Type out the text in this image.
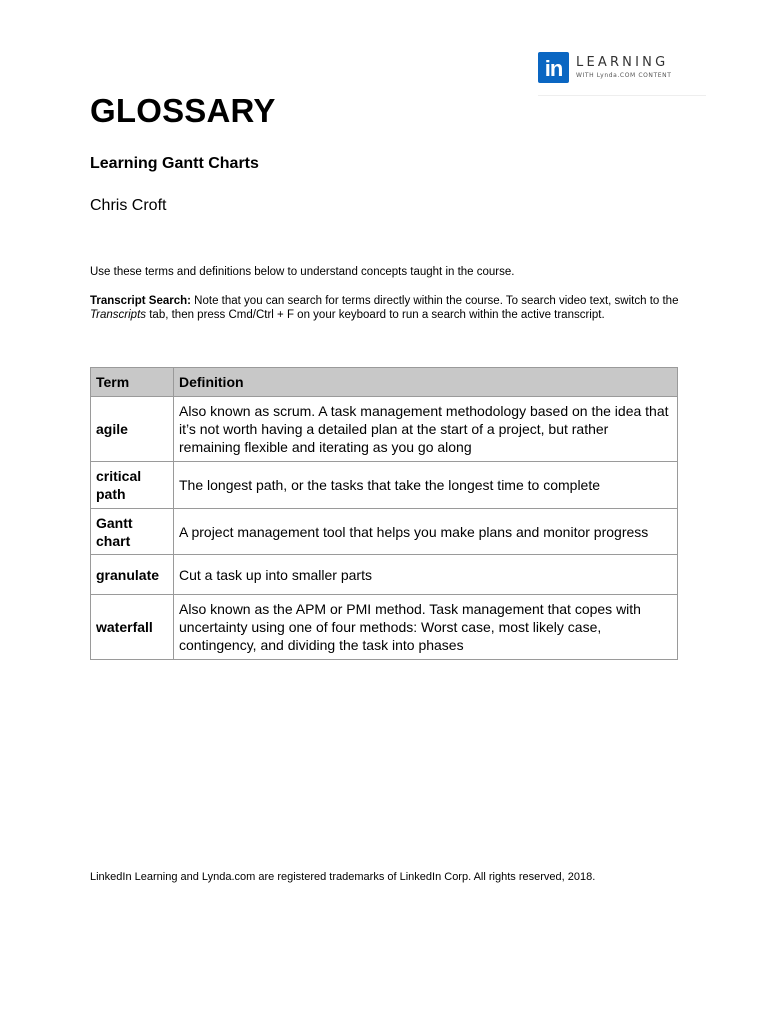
in	LEARNING
WITH Lynda.COM CONTENT
GLOSSARY
Learning Gantt Charts

Chris Croft

Use these terms and definitions below to understand concepts taught in the course.

Transcript Search: Note that you can search for terms directly within the course. To search video text, switch to the Transcripts tab, then press Cmd/Ctrl + F on your keyboard to run a search within the active transcript.

Term	Definition
agile	Also known as scrum. A task management methodology based on the idea that it’s not worth having a detailed plan at the start of a project, but rather remaining flexible and iterating as you go along
critical path	The longest path, or the tasks that take the longest time to complete
Gantt chart	A project management tool that helps you make plans and monitor progress
granulate	Cut a task up into smaller parts
waterfall	Also known as the APM or PMI method. Task management that copes with uncertainty using one of four methods: Worst case, most likely case, contingency, and dividing the task into phases

LinkedIn Learning and Lynda.com are registered trademarks of LinkedIn Corp. All rights reserved, 2018.
